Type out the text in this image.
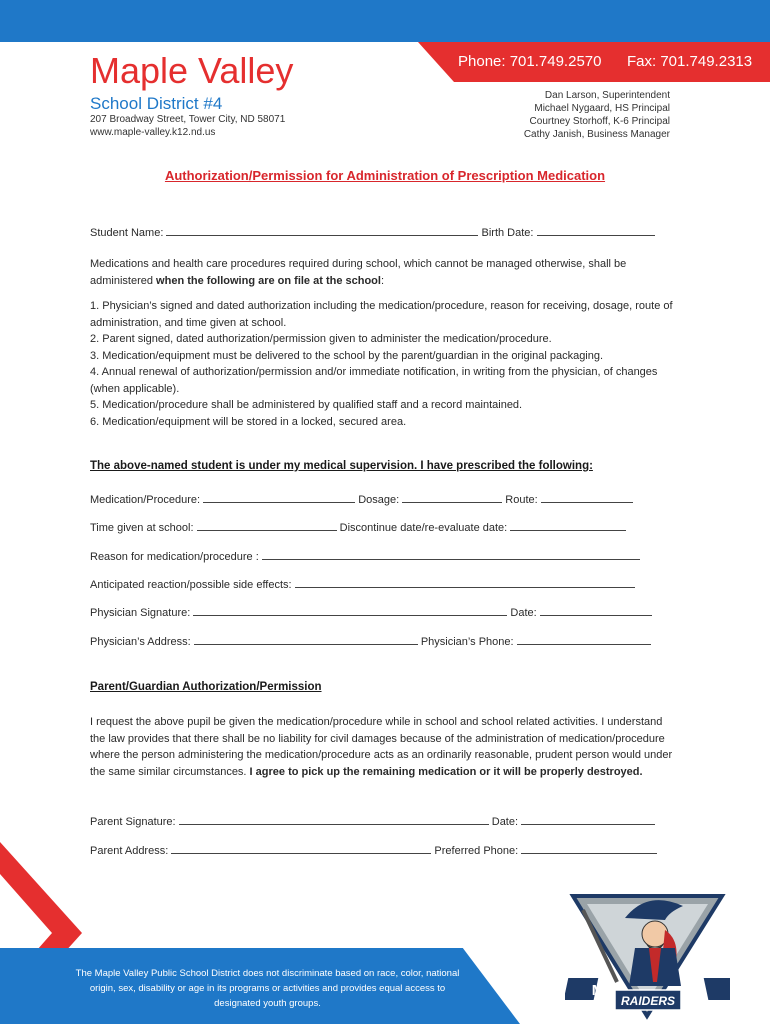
Phone: 701.749.2570 Fax: 701.749.2313
Maple Valley
School District #4
207 Broadway Street, Tower City, ND 58071
www.maple-valley.k12.nd.us
Dan Larson, Superintendent
Michael Nygaard, HS Principal
Courtney Storhoff, K-6 Principal
Cathy Janish, Business Manager
Authorization/Permission for Administration of Prescription Medication
Student Name:	Birth Date:

Medications and health care procedures required during school, which cannot be managed otherwise, shall be administered when the following are on file at the school:

1. Physician’s signed and dated authorization including the medication/procedure, reason for receiving, dosage, route of administration, and time given at school.
2. Parent signed, dated authorization/permission given to administer the medication/procedure.
3. Medication/equipment must be delivered to the school by the parent/guardian in the original packaging.
4. Annual renewal of authorization/permission and/or immediate notification, in writing from the physician, of changes (when applicable).
5. Medication/procedure shall be administered by qualified staff and a record maintained.
6. Medication/equipment will be stored in a locked, secured area.
The above-named student is under my medical supervision. I have prescribed the following:
Medication/Procedure:	Dosage:	Route:
Time given at school:	Discontinue date/re-evaluate date:
Reason for medication/procedure :
Anticipated reaction/possible side effects:
Physician Signature:	Date:
Physician’s Address:	Physician’s Phone:
Parent/Guardian Authorization/Permission

I request the above pupil be given the medication/procedure while in school and school related activities. I understand the law provides that there shall be no liability for civil damages because of the administration of medication/procedure where the person administering the medication/procedure acts as an ordinarily reasonable, prudent person would under the same similar circumstances. I agree to pick up the remaining medication or it will be properly destroyed.

Parent Signature:	Date:
Parent Address:	Preferred Phone:
The Maple Valley Public School District does not discriminate based on race, color, national origin, sex, disability or age in its programs or activities and provides equal access to designated youth groups.
M	V
RAIDERS
